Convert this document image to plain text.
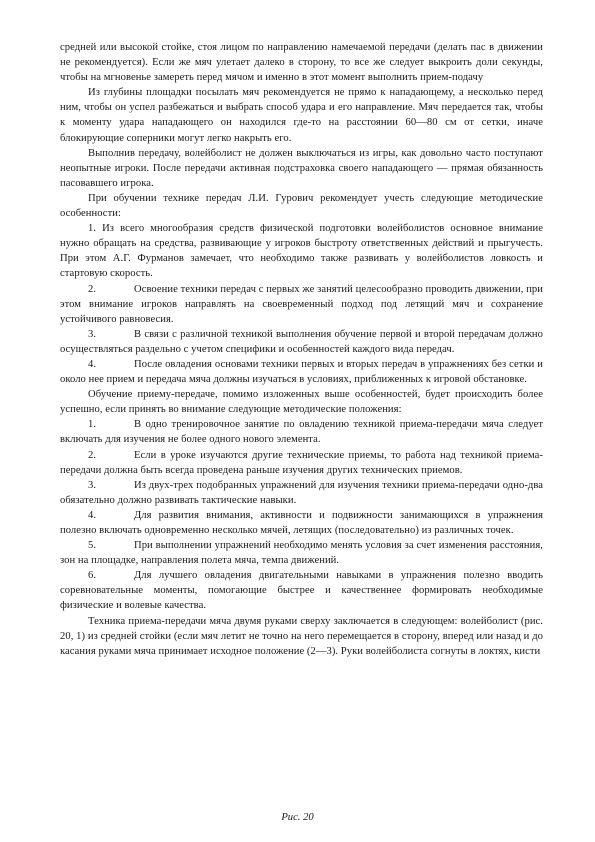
средней или высокой стойке, стоя лицом по направлению намечаемой передачи (делать пас в движении не рекомендуется). Если же мяч улетает далеко в сторону, то все же следует выкроить доли секунды, чтобы на мгновенье замереть перед мячом и именно в этот момент выполнить прием-подачу

Из глубины площадки посылать мяч рекомендуется не прямо к нападающему, а несколько перед ним, чтобы он успел разбежаться и выбрать способ удара и его направление. Мяч передается так, чтобы к моменту удара нападающего он находился где-то на расстоянии 60—80 см от сетки, иначе блокирующие соперники могут легко накрыть его.

Выполнив передачу, волейболист не должен выключаться из игры, как довольно часто поступают неопытные игроки. После передачи активная подстраховка своего нападающего — прямая обязанность пасовавшего игрока.

При обучении технике передач Л.И. Гурович рекомендует учесть следующие методические особенности:

1. Из всего многообразия средств физической подготовки волейболистов основное внимание нужно обращать на средства, развивающие у игроков быстроту ответственных действий и прыгучесть. При этом А.Г. Фурманов замечает, что необходимо также развивать у волейболистов ловкость и стартовую скорость.

2.	Освоение техники передач с первых же занятий целесообразно проводить движении, при этом внимание игроков направлять на своевременный подход под летящий мяч и сохранение устойчивого равновесия.

3.	В связи с различной техникой выполнения обучение первой и второй передачам должно осуществляться раздельно с учетом специфики и особенностей каждого вида передач.

4.	После овладения основами техники первых и вторых передач в упражнениях без сетки и около нее прием и передача мяча должны изучаться в условиях, приближенных к игровой обстановке.

Обучение приему-передаче, помимо изложенных выше особенностей, будет происходить более успешно, если принять во внимание следующие методические положения:

1.	В одно тренировочное занятие по овладению техникой приема-передачи мяча следует включать для изучения не более одного нового элемента.

2.	Если в уроке изучаются другие технические приемы, то работа над техникой приема-передачи должна быть всегда проведена раньше изучения других технических приемов.

3.	Из двух-трех подобранных упражнений для изучения техники приема-передачи одно-два обязательно должно развивать тактические навыки.

4.	Для развития внимания, активности и подвижности занимающихся в упражнения полезно включать одновременно несколько мячей, летящих (последовательно) из различных точек.

5.	При выполнении упражнений необходимо менять условия за счет изменения расстояния, зон на площадке, направления полета мяча, темпа движений.

6.	Для лучшего овладения двигательными навыками в упражнения полезно вводить соревновательные моменты, помогающие быстрее и качественнее формировать необходимые физические и волевые качества.

Техника приема-передачи мяча двумя руками сверху заключается в следующем: волейболист (рис. 20, 1) из средней стойки (если мяч летит не точно на него перемещается в сторону, вперед или назад и до касания руками мяча принимает исходное положение (2—3). Руки волейболиста согнуты в локтях, кисти

Рис. 20
